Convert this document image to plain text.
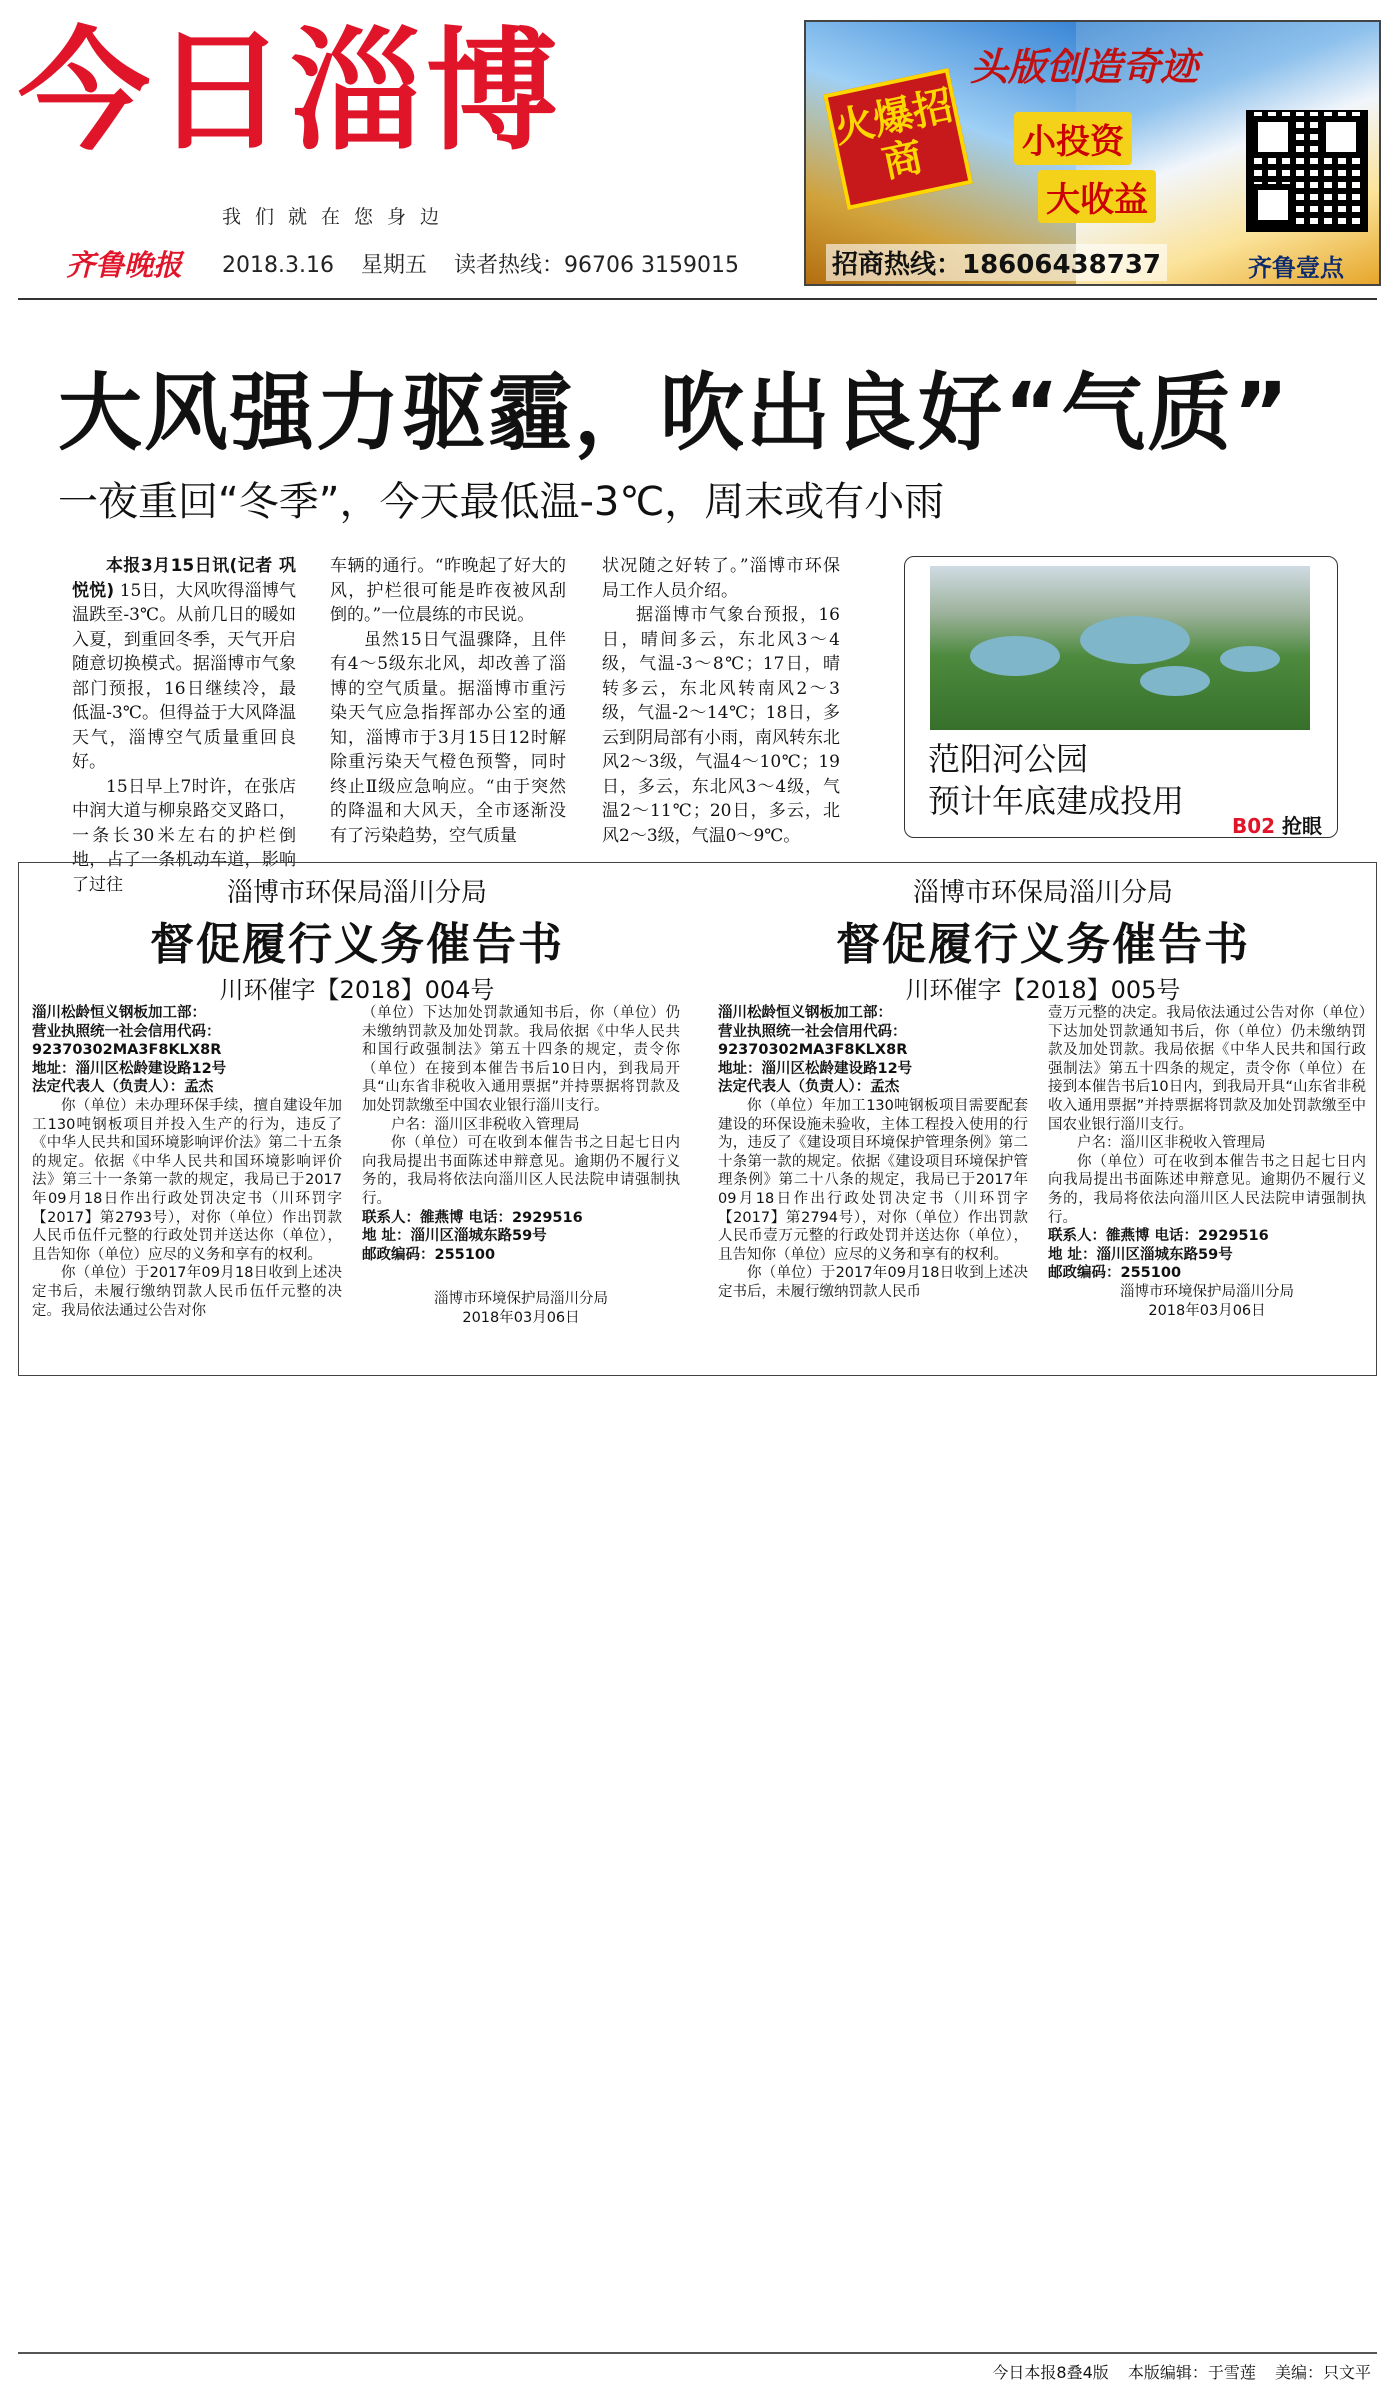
今日淄博
我们就在您身边
齐鲁晚报 2018.3.16 星期五 读者热线：96706 3159015
火爆招商
头版创造奇迹
小投资
大收益
招商热线：18606438737	齐鲁壹点
大风强力驱霾，吹出良好“气质”
一夜重回“冬季”，今天最低温-3℃，周末或有小雨

本报3月15日讯(记者 巩悦悦) 15日，大风吹得淄博气温跌至-3℃。从前几日的暖如入夏，到重回冬季，天气开启随意切换模式。据淄博市气象部门预报，16日继续冷，最低温-3℃。但得益于大风降温天气，淄博空气质量重回良好。

15日早上7时许，在张店中润大道与柳泉路交叉路口，一条长30米左右的护栏倒地，占了一条机动车道，影响了过往

车辆的通行。“昨晚起了好大的风，护栏很可能是昨夜被风刮倒的。”一位晨练的市民说。

虽然15日气温骤降，且伴有4～5级东北风，却改善了淄博的空气质量。据淄博市重污染天气应急指挥部办公室的通知，淄博市于3月15日12时解除重污染天气橙色预警，同时终止Ⅱ级应急响应。“由于突然的降温和大风天，全市逐渐没有了污染趋势，空气质量

状况随之好转了。”淄博市环保局工作人员介绍。

据淄博市气象台预报，16日，晴间多云，东北风3～4级，气温-3～8℃；17日，晴转多云，东北风转南风2～3级，气温-2～14℃；18日，多云到阴局部有小雨，南风转东北风2～3级，气温4～10℃；19日，多云，东北风3～4级，气温2～11℃；20日，多云，北风2～3级，气温0～9℃。

范阳河公园
预计年底建成投用
B02 抢眼
淄博市环保局淄川分局
督促履行义务催告书
川环催字【2018】004号

淄川松龄恒义钢板加工部：

营业执照统一社会信用代码：

92370302MA3F8KLX8R

地址：淄川区松龄建设路12号

法定代表人（负责人）：孟杰

你（单位）未办理环保手续，擅自建设年加工130吨钢板项目并投入生产的行为，违反了《中华人民共和国环境影响评价法》第二十五条的规定。依据《中华人民共和国环境影响评价法》第三十一条第一款的规定，我局已于2017年09月18日作出行政处罚决定书（川环罚字【2017】第2793号），对你（单位）作出罚款人民币伍仟元整的行政处罚并送达你（单位），且告知你（单位）应尽的义务和享有的权利。

你（单位）于2017年09月18日收到上述决定书后，未履行缴纳罚款人民币伍仟元整的决定。我局依法通过公告对你

（单位）下达加处罚款通知书后，你（单位）仍未缴纳罚款及加处罚款。我局依据《中华人民共和国行政强制法》第五十四条的规定，责令你（单位）在接到本催告书后10日内，到我局开具“山东省非税收入通用票据”并持票据将罚款及加处罚款缴至中国农业银行淄川支行。

户名：淄川区非税收入管理局

你（单位）可在收到本催告书之日起七日内向我局提出书面陈述申辩意见。逾期仍不履行义务的，我局将依法向淄川区人民法院申请强制执行。

联系人：雒燕博 电话：2929516

地 址：淄川区淄城东路59号

邮政编码：255100

淄博市环境保护局淄川分局

2018年03月06日

淄博市环保局淄川分局
督促履行义务催告书
川环催字【2018】005号

淄川松龄恒义钢板加工部：

营业执照统一社会信用代码：

92370302MA3F8KLX8R

地址：淄川区松龄建设路12号

法定代表人（负责人）：孟杰

你（单位）年加工130吨钢板项目需要配套建设的环保设施未验收，主体工程投入使用的行为，违反了《建设项目环境保护管理条例》第二十条第一款的规定。依据《建设项目环境保护管理条例》第二十八条的规定，我局已于2017年09月18日作出行政处罚决定书（川环罚字【2017】第2794号），对你（单位）作出罚款人民币壹万元整的行政处罚并送达你（单位），且告知你（单位）应尽的义务和享有的权利。

你（单位）于2017年09月18日收到上述决定书后，未履行缴纳罚款人民币

壹万元整的决定。我局依法通过公告对你（单位）下达加处罚款通知书后，你（单位）仍未缴纳罚款及加处罚款。我局依据《中华人民共和国行政强制法》第五十四条的规定，责令你（单位）在接到本催告书后10日内，到我局开具“山东省非税收入通用票据”并持票据将罚款及加处罚款缴至中国农业银行淄川支行。

户名：淄川区非税收入管理局

你（单位）可在收到本催告书之日起七日内向我局提出书面陈述申辩意见。逾期仍不履行义务的，我局将依法向淄川区人民法院申请强制执行。

联系人：雒燕博 电话：2929516

地 址：淄川区淄城东路59号

邮政编码：255100

淄博市环境保护局淄川分局

2018年03月06日

今日本报8叠4版 本版编辑：于雪莲 美编：只文平
